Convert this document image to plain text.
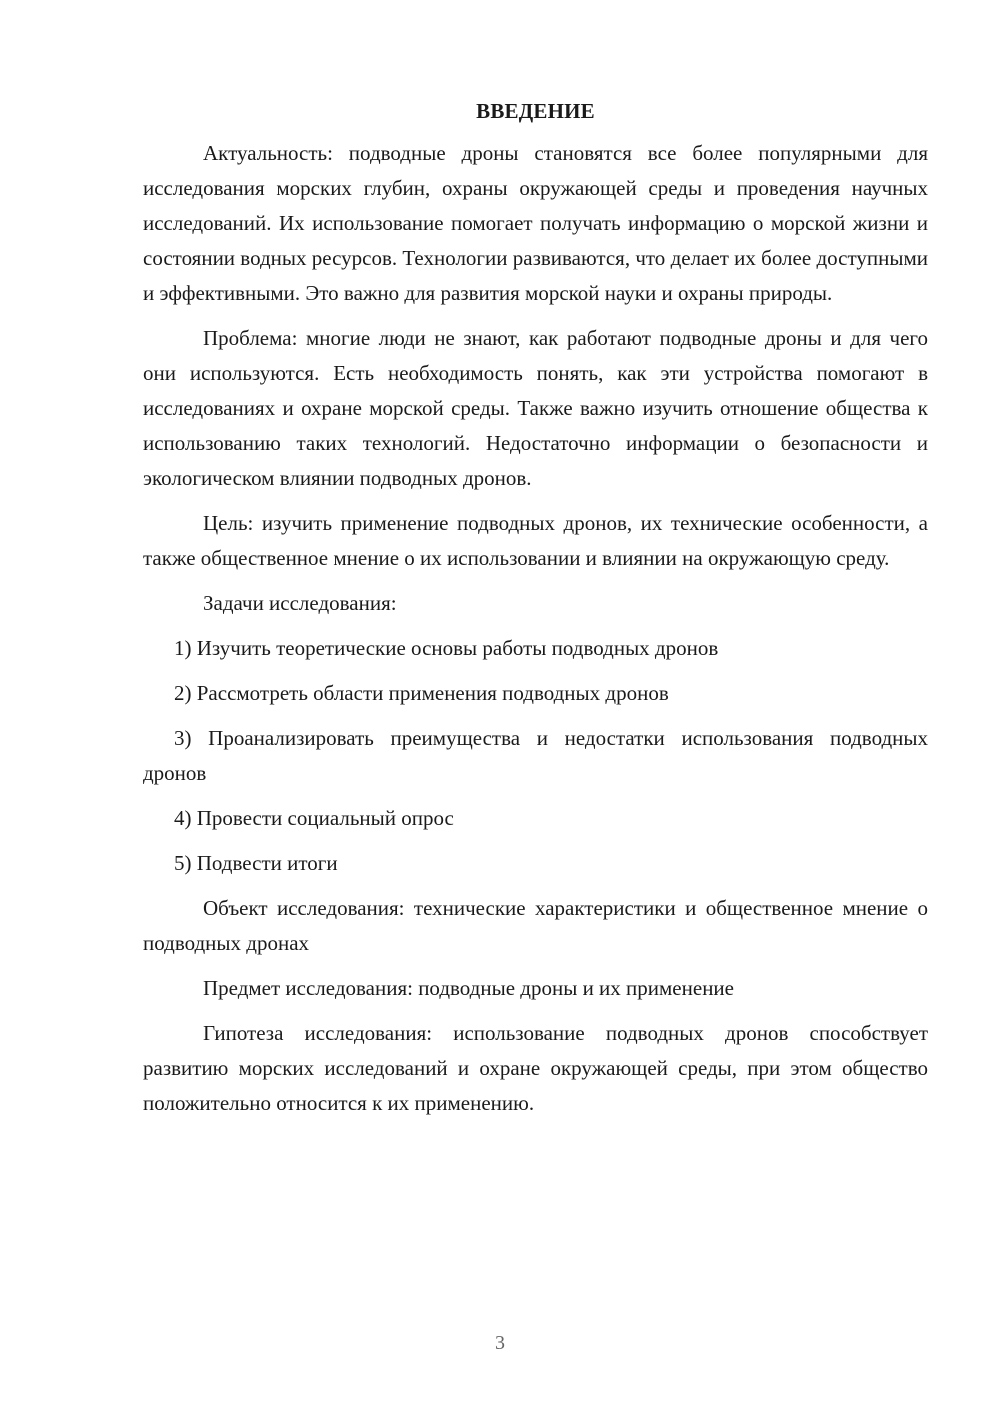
ВВЕДЕНИЕ

Актуальность: подводные дроны становятся все более популярными для исследования морских глубин, охраны окружающей среды и проведения научных исследований. Их использование помогает получать информацию о морской жизни и состоянии водных ресурсов. Технологии развиваются, что делает их более доступными и эффективными. Это важно для развития морской науки и охраны природы.

Проблема: многие люди не знают, как работают подводные дроны и для чего они используются. Есть необходимость понять, как эти устройства помогают в исследованиях и охране морской среды. Также важно изучить отношение общества к использованию таких технологий. Недостаточно информации о безопасности и экологическом влиянии подводных дронов.

Цель: изучить применение подводных дронов, их технические особенности, а также общественное мнение о их использовании и влиянии на окружающую среду.

Задачи исследования:

1) Изучить теоретические основы работы подводных дронов

2) Рассмотреть области применения подводных дронов

3) Проанализировать преимущества и недостатки использования подводных дронов

4) Провести социальный опрос

5) Подвести итоги

Объект исследования: технические характеристики и общественное мнение о подводных дронах

Предмет исследования: подводные дроны и их применение

Гипотеза исследования: использование подводных дронов способствует развитию морских исследований и охране окружающей среды, при этом общество положительно относится к их применению.

3
